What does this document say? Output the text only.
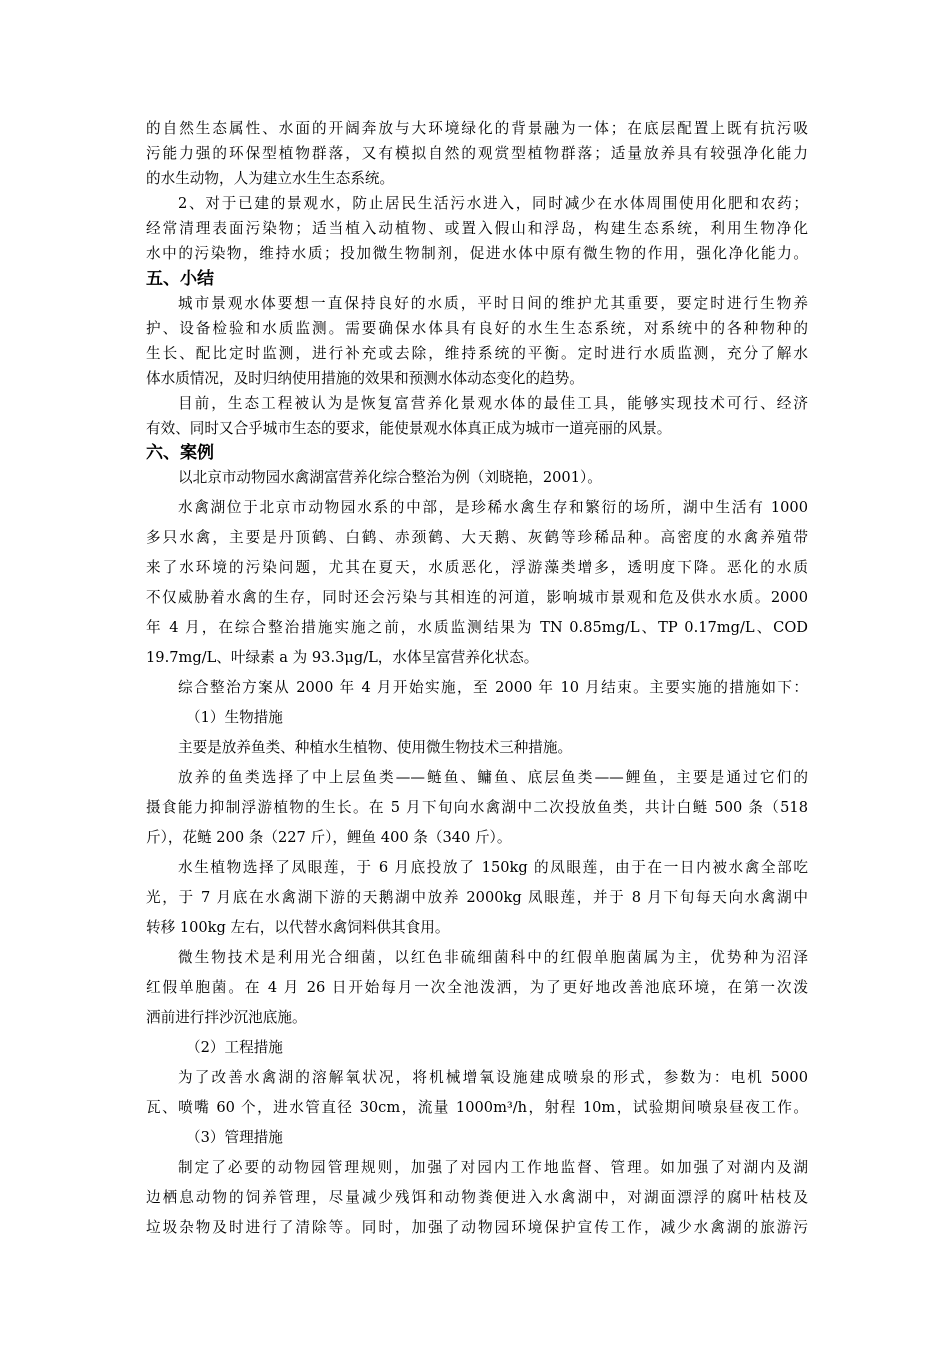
的自然生态属性、水面的开阔奔放与大环境绿化的背景融为一体；在底层配置上既有抗污吸
污能力强的环保型植物群落，又有模拟自然的观赏型植物群落；适量放养具有较强净化能力
的水生动物，人为建立水生生态系统。
2、对于已建的景观水，防止居民生活污水进入，同时减少在水体周围使用化肥和农药；
经常清理表面污染物；适当植入动植物、或置入假山和浮岛，构建生态系统，利用生物净化
水中的污染物，维持水质；投加微生物制剂，促进水体中原有微生物的作用，强化净化能力。
五、小结
城市景观水体要想一直保持良好的水质，平时日间的维护尤其重要，要定时进行生物养
护、设备检验和水质监测。需要确保水体具有良好的水生生态系统，对系统中的各种物种的
生长、配比定时监测，进行补充或去除，维持系统的平衡。定时进行水质监测，充分了解水
体水质情况，及时归纳使用措施的效果和预测水体动态变化的趋势。
目前，生态工程被认为是恢复富营养化景观水体的最佳工具，能够实现技术可行、经济
有效、同时又合乎城市生态的要求，能使景观水体真正成为城市一道亮丽的风景。
六、案例
以北京市动物园水禽湖富营养化综合整治为例（刘晓艳，2001）。
水禽湖位于北京市动物园水系的中部，是珍稀水禽生存和繁衍的场所，湖中生活有 1000
多只水禽，主要是丹顶鹤、白鹤、赤颈鹤、大天鹅、灰鹤等珍稀品种。高密度的水禽养殖带
来了水环境的污染问题，尤其在夏天，水质恶化，浮游藻类增多，透明度下降。恶化的水质
不仅威胁着水禽的生存，同时还会污染与其相连的河道，影响城市景观和危及供水水质。2000
年 4 月，在综合整治措施实施之前，水质监测结果为 TN 0.85mg/L、TP 0.17mg/L、COD
19.7mg/L、叶绿素 a 为 93.3μg/L，水体呈富营养化状态。
综合整治方案从 2000 年 4 月开始实施，至 2000 年 10 月结束。主要实施的措施如下：
（1）生物措施
主要是放养鱼类、种植水生植物、使用微生物技术三种措施。
放养的鱼类选择了中上层鱼类——鲢鱼、鳙鱼、底层鱼类——鲤鱼，主要是通过它们的
摄食能力抑制浮游植物的生长。在 5 月下旬向水禽湖中二次投放鱼类，共计白鲢 500 条（518
斤），花鲢 200 条（227 斤），鲤鱼 400 条（340 斤）。
水生植物选择了凤眼莲，于 6 月底投放了 150kg 的凤眼莲，由于在一日内被水禽全部吃
光，于 7 月底在水禽湖下游的天鹅湖中放养 2000kg 凤眼莲，并于 8 月下旬每天向水禽湖中
转移 100kg 左右，以代替水禽饲料供其食用。
微生物技术是利用光合细菌，以红色非硫细菌科中的红假单胞菌属为主，优势种为沼泽
红假单胞菌。在 4 月 26 日开始每月一次全池泼洒，为了更好地改善池底环境，在第一次泼
洒前进行拌沙沉池底施。
（2）工程措施
为了改善水禽湖的溶解氧状况，将机械增氧设施建成喷泉的形式，参数为：电机 5000
瓦、喷嘴 60 个，进水管直径 30cm，流量 1000m³/h，射程 10m，试验期间喷泉昼夜工作。
（3）管理措施
制定了必要的动物园管理规则，加强了对园内工作地监督、管理。如加强了对湖内及湖
边栖息动物的饲养管理，尽量减少残饵和动物粪便进入水禽湖中，对湖面漂浮的腐叶枯枝及
垃圾杂物及时进行了清除等。同时，加强了动物园环境保护宣传工作，减少水禽湖的旅游污
